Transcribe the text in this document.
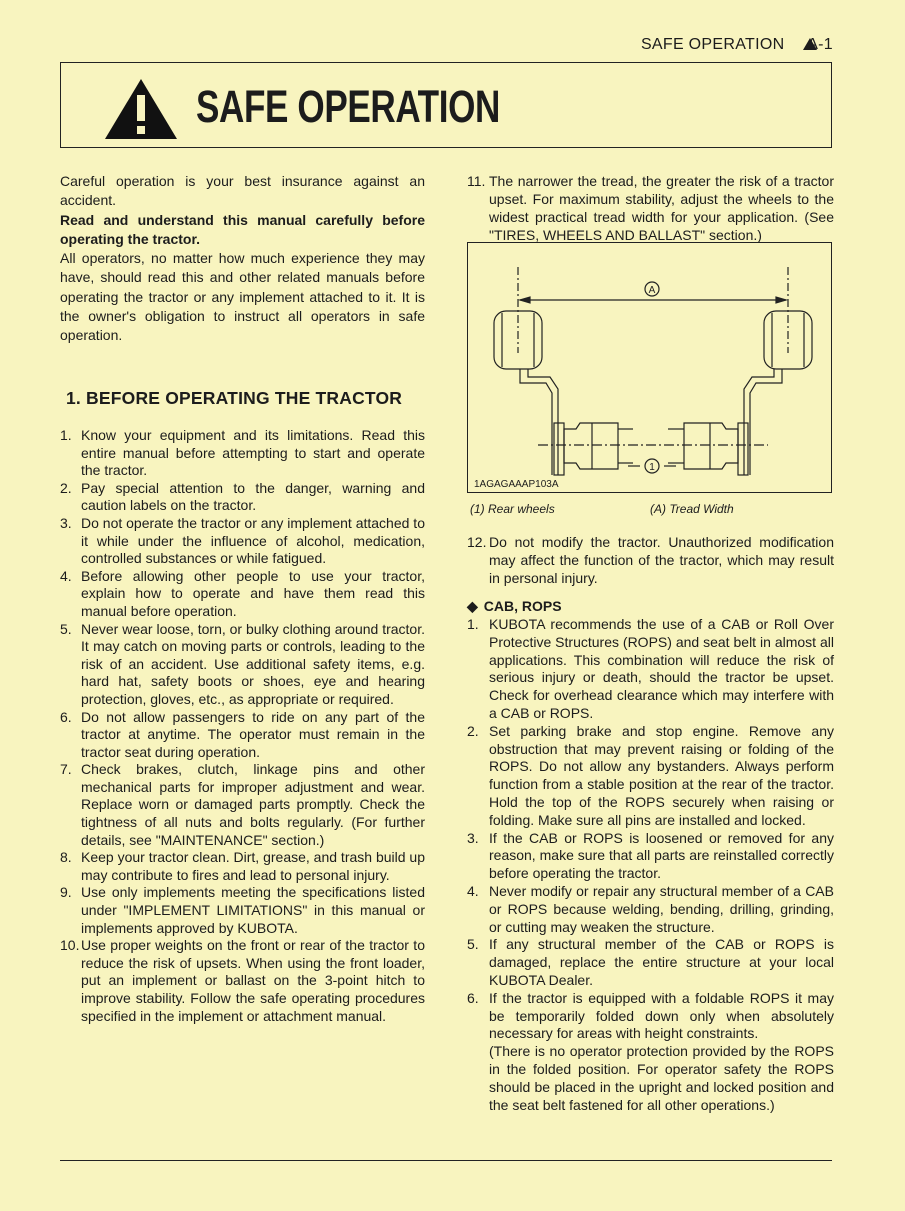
SAFE OPERATION A-1
SAFE OPERATION

Careful operation is your best insurance against an accident.

Read and understand this manual carefully before operating the tractor.

All operators, no matter how much experience they may have, should read this and other related manuals before operating the tractor or any implement attached to it. It is the owner's obligation to instruct all operators in safe operation.

1. BEFORE OPERATING THE TRACTOR
1. Know your equipment and its limitations. Read this entire manual before attempting to start and operate the tractor.
2. Pay special attention to the danger, warning and caution labels on the tractor.
3. Do not operate the tractor or any implement attached to it while under the influence of alcohol, medication, controlled substances or while fatigued.
4. Before allowing other people to use your tractor, explain how to operate and have them read this manual before operation.
5. Never wear loose, torn, or bulky clothing around tractor. It may catch on moving parts or controls, leading to the risk of an accident. Use additional safety items, e.g. hard hat, safety boots or shoes, eye and hearing protection, gloves, etc., as appropriate or required.
6. Do not allow passengers to ride on any part of the tractor at anytime. The operator must remain in the tractor seat during operation.
7. Check brakes, clutch, linkage pins and other mechanical parts for improper adjustment and wear. Replace worn or damaged parts promptly. Check the tightness of all nuts and bolts regularly. (For further details, see "MAINTENANCE" section.)
8. Keep your tractor clean. Dirt, grease, and trash build up may contribute to fires and lead to personal injury.
9. Use only implements meeting the specifications listed under "IMPLEMENT LIMITATIONS" in this manual or implements approved by KUBOTA.
10. Use proper weights on the front or rear of the tractor to reduce the risk of upsets. When using the front loader, put an implement or ballast on the 3-point hitch to improve stability. Follow the safe operating procedures specified in the implement or attachment manual.
11. The narrower the tread, the greater the risk of a tractor upset. For maximum stability, adjust the wheels to the widest practical tread width for your application. (See "TIRES, WHEELS AND BALLAST" section.)
A
1
1AGAGAAAP103A
(1) Rear wheels	(A) Tread Width
12. Do not modify the tractor. Unauthorized modification may affect the function of the tractor, which may result in personal injury.
◆ CAB, ROPS
1. KUBOTA recommends the use of a CAB or Roll Over Protective Structures (ROPS) and seat belt in almost all applications. This combination will reduce the risk of serious injury or death, should the tractor be upset. Check for overhead clearance which may interfere with a CAB or ROPS.
2. Set parking brake and stop engine. Remove any obstruction that may prevent raising or folding of the ROPS. Do not allow any bystanders. Always perform function from a stable position at the rear of the tractor. Hold the top of the ROPS securely when raising or folding. Make sure all pins are installed and locked.
3. If the CAB or ROPS is loosened or removed for any reason, make sure that all parts are reinstalled correctly before operating the tractor.
4. Never modify or repair any structural member of a CAB or ROPS because welding, bending, drilling, grinding, or cutting may weaken the structure.
5. If any structural member of the CAB or ROPS is damaged, replace the entire structure at your local KUBOTA Dealer.
6. If the tractor is equipped with a foldable ROPS it may be temporarily folded down only when absolutely necessary for areas with height constraints.
(There is no operator protection provided by the ROPS in the folded position. For operator safety the ROPS should be placed in the upright and locked position and the seat belt fastened for all other operations.)
